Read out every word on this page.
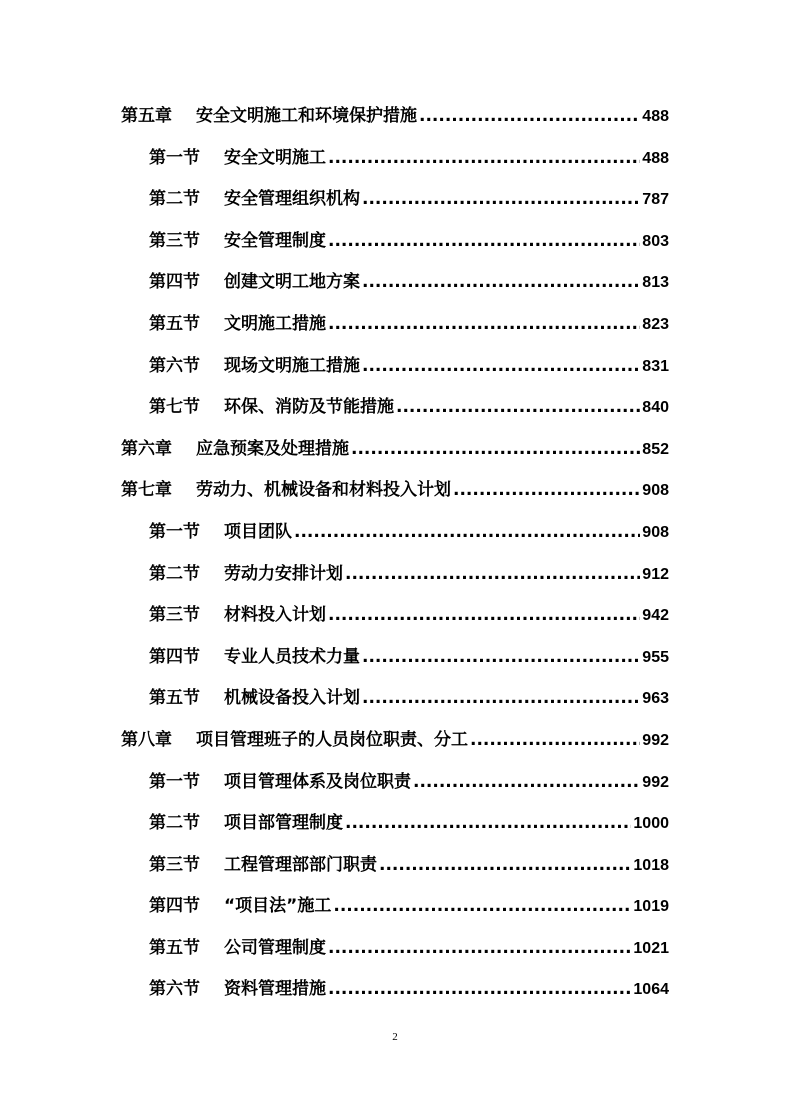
第五章	安全文明施工和环境保护措施 .....	488
第一节	安全文明施工 .....	488
第二节	安全管理组织机构 .....	787
第三节	安全管理制度 .....	803
第四节	创建文明工地方案 .....	813
第五节	文明施工措施 .....	823
第六节	现场文明施工措施 .....	831
第七节	环保、消防及节能措施 .....	840
第六章	应急预案及处理措施 .....	852
第七章	劳动力、机械设备和材料投入计划 .....	908
第一节	项目团队 .....	908
第二节	劳动力安排计划 .....	912
第三节	材料投入计划 .....	942
第四节	专业人员技术力量 .....	955
第五节	机械设备投入计划 .....	963
第八章	项目管理班子的人员岗位职责、分工 .....	992
第一节	项目管理体系及岗位职责 .....	992
第二节	项目部管理制度 .....	1000
第三节	工程管理部部门职责 .....	1018
第四节	“项目法”施工 .....	1019
第五节	公司管理制度 .....	1021
第六节	资料管理措施 .....	1064
2
